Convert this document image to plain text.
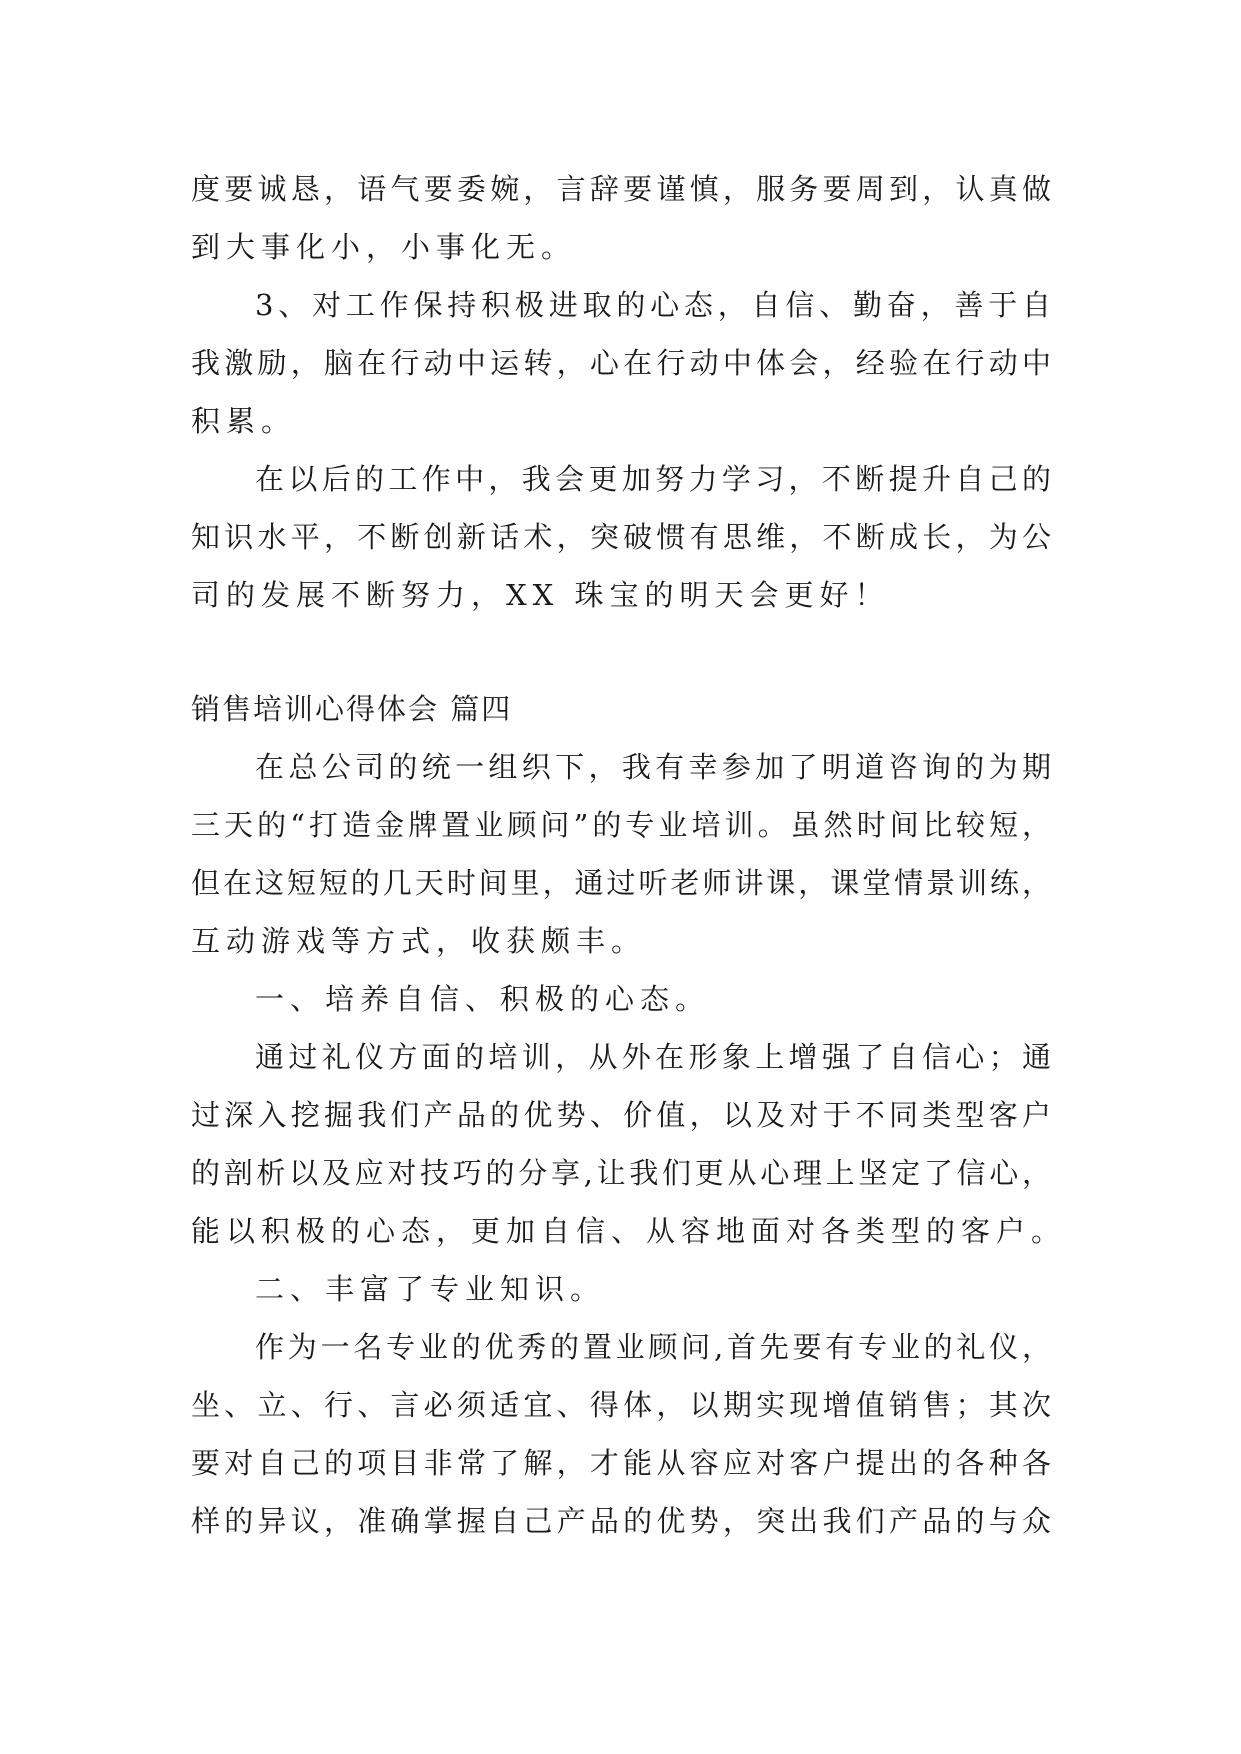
度要诚恳，语气要委婉，言辞要谨慎，服务要周到，认真做
到大事化小，小事化无。
3、对工作保持积极进取的心态，自信、勤奋，善于自
我激励，脑在行动中运转，心在行动中体会，经验在行动中
积累。
在以后的工作中，我会更加努力学习，不断提升自己的
知识水平，不断创新话术，突破惯有思维，不断成长，为公
司的发展不断努力，XX 珠宝的明天会更好！
销售培训心得体会 篇四
在总公司的统一组织下，我有幸参加了明道咨询的为期
三天的“打造金牌置业顾问”的专业培训。虽然时间比较短，
但在这短短的几天时间里，通过听老师讲课，课堂情景训练，
互动游戏等方式，收获颇丰。
一、培养自信、积极的心态。
通过礼仪方面的培训，从外在形象上增强了自信心；通
过深入挖掘我们产品的优势、价值，以及对于不同类型客户
的剖析以及应对技巧的分享,让我们更从心理上坚定了信心，
能以积极的心态，更加自信、从容地面对各类型的客户。
二、丰富了专业知识。
作为一名专业的优秀的置业顾问,首先要有专业的礼仪，
坐、立、行、言必须适宜、得体，以期实现增值销售；其次
要对自己的项目非常了解，才能从容应对客户提出的各种各
样的异议，准确掌握自己产品的优势，突出我们产品的与众
